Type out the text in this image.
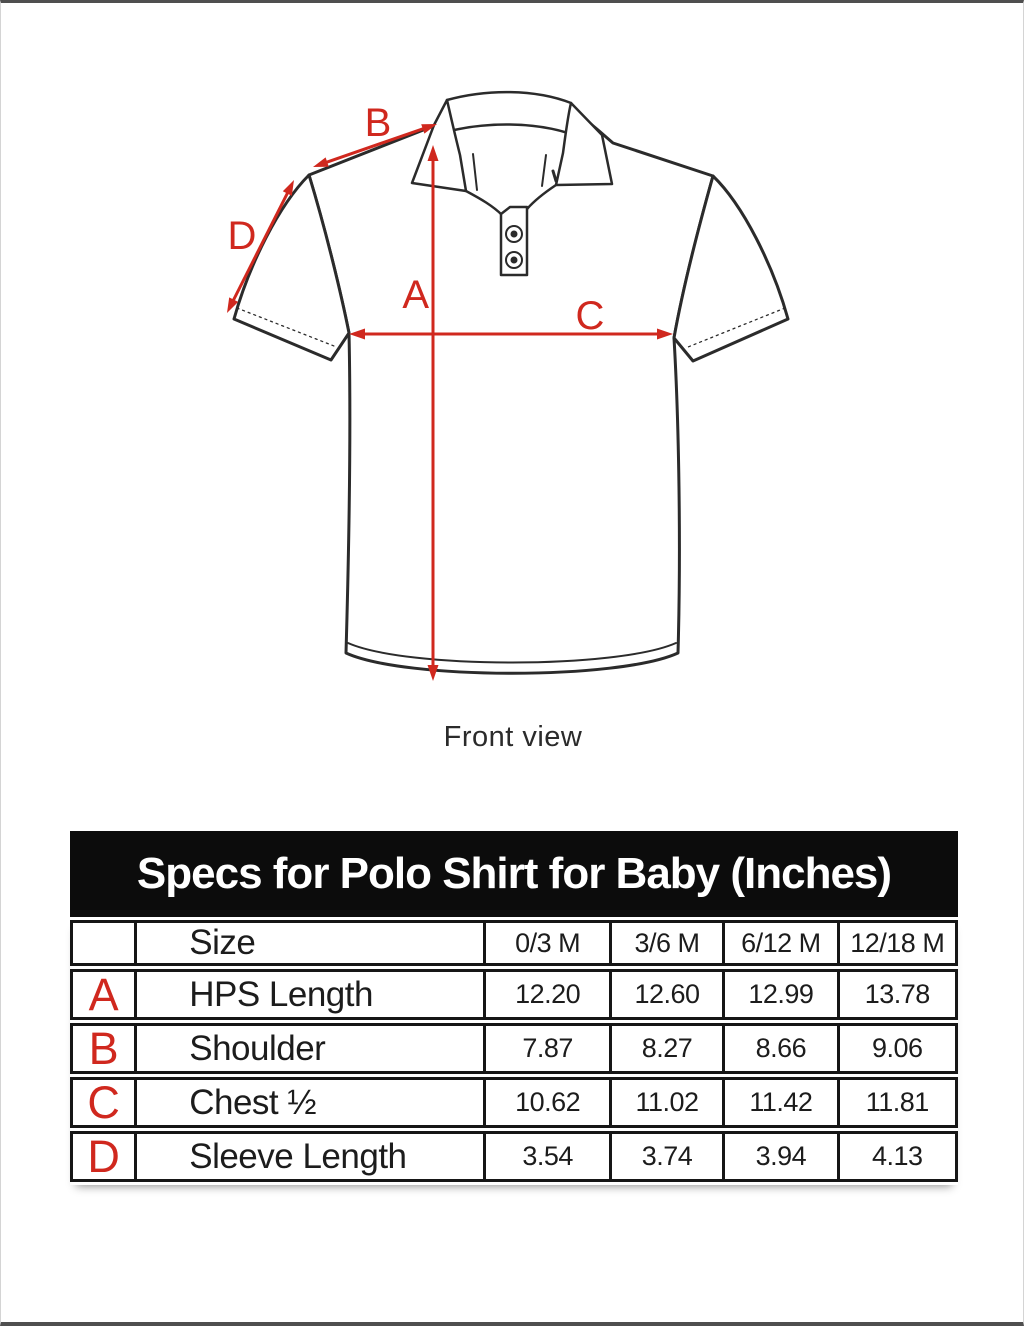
B
D
A	C
Front view
Specs for Polo Shirt for Baby (Inches)
	Size	0/3 M	3/6 M	6/12 M	12/18 M
A	HPS Length	12.20	12.60	12.99	13.78
B	Shoulder	7.87	8.27	8.66	9.06
C	Chest ½	10.62	11.02	11.42	11.81
D	Sleeve Length	3.54	3.74	3.94	4.13
